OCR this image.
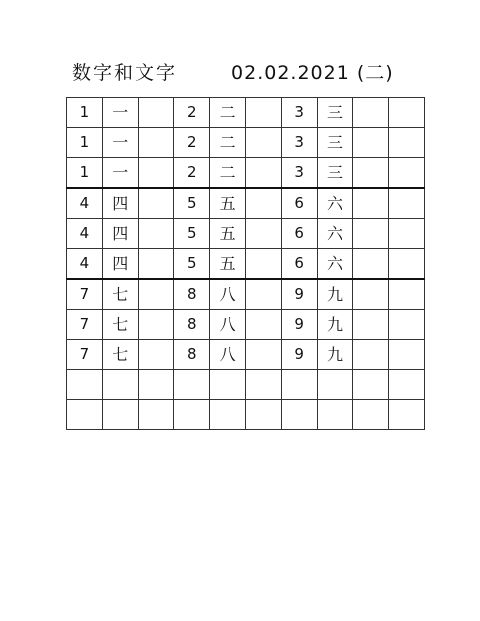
数字和文字	02.02.2021 (二)
1	一		2	二		3	三		
1	一		2	二		3	三		
1	一		2	二		3	三		
4	四		5	五		6	六		
4	四		5	五		6	六		
4	四		5	五		6	六		
7	七		8	八		9	九		
7	七		8	八		9	九		
7	七		8	八		9	九		
